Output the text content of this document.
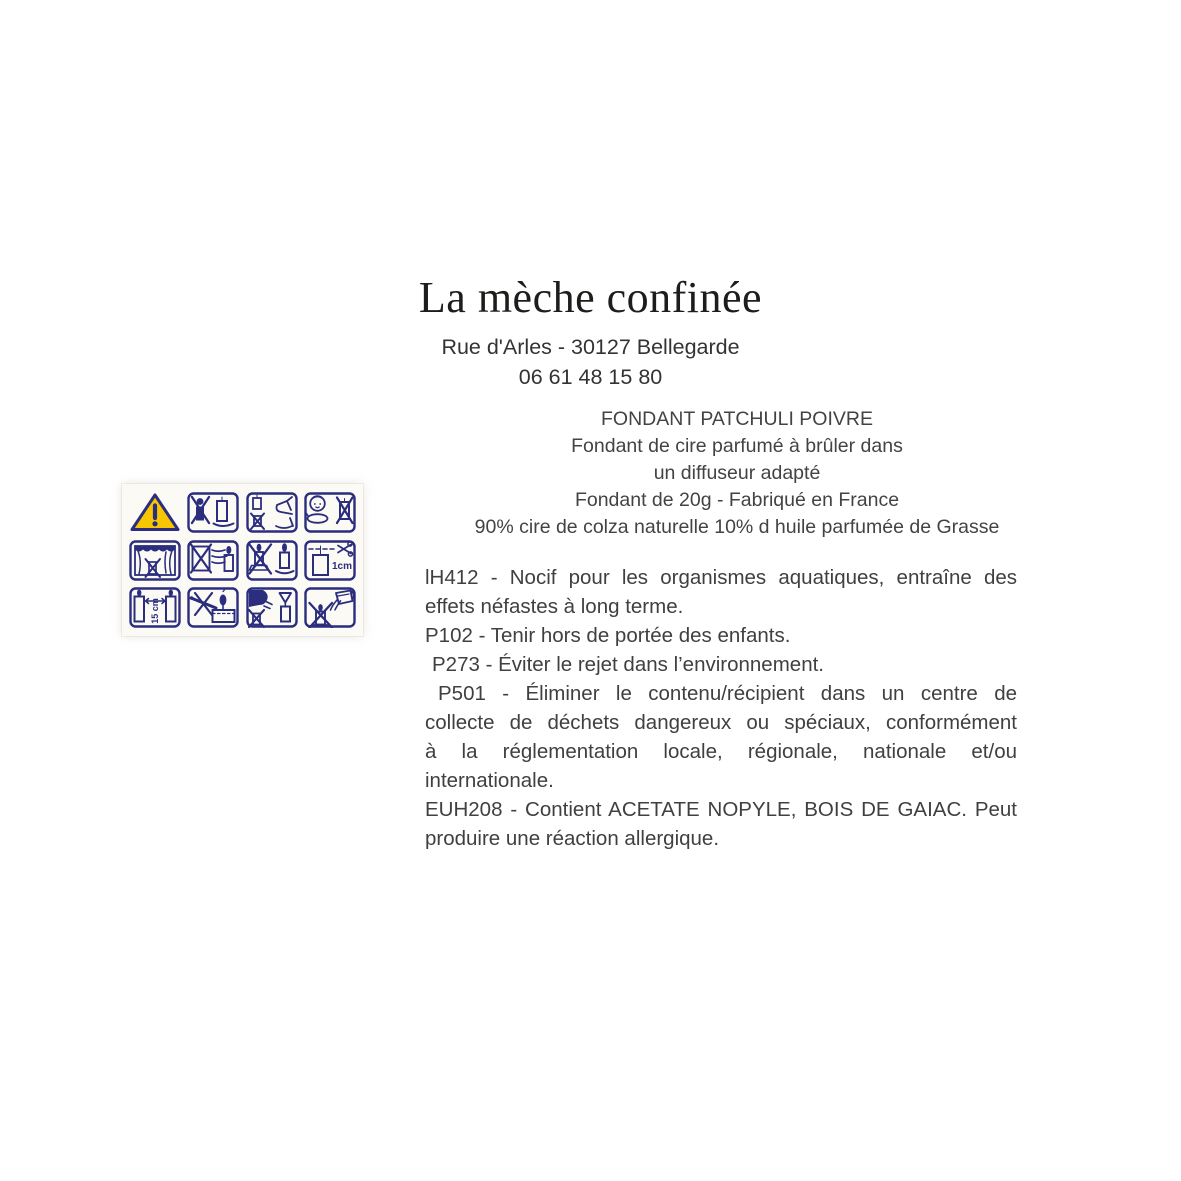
La mèche confinée
Rue d'Arles - 30127 Bellegarde
06 61 48 15 80
FONDANT PATCHULI POIVRE
Fondant de cire parfumé à brûler dans
un diffuseur adapté
Fondant de 20g - Fabriqué en France
90% cire de colza naturelle 10% d huile parfumée de Grasse
1cm
15 cm
lH412 - Nocif pour les organismes aquatiques, entraîne des
effets néfastes à long terme.
P102 - Tenir hors de portée des enfants.
P273 - Éviter le rejet dans l’environnement.
P501 - Éliminer le contenu/récipient dans un centre de
collecte de déchets dangereux ou spéciaux, conformément
à la réglementation locale, régionale, nationale et/ou
internationale.
EUH208 - Contient ACETATE NOPYLE, BOIS DE GAIAC. Peut
produire une réaction allergique.
